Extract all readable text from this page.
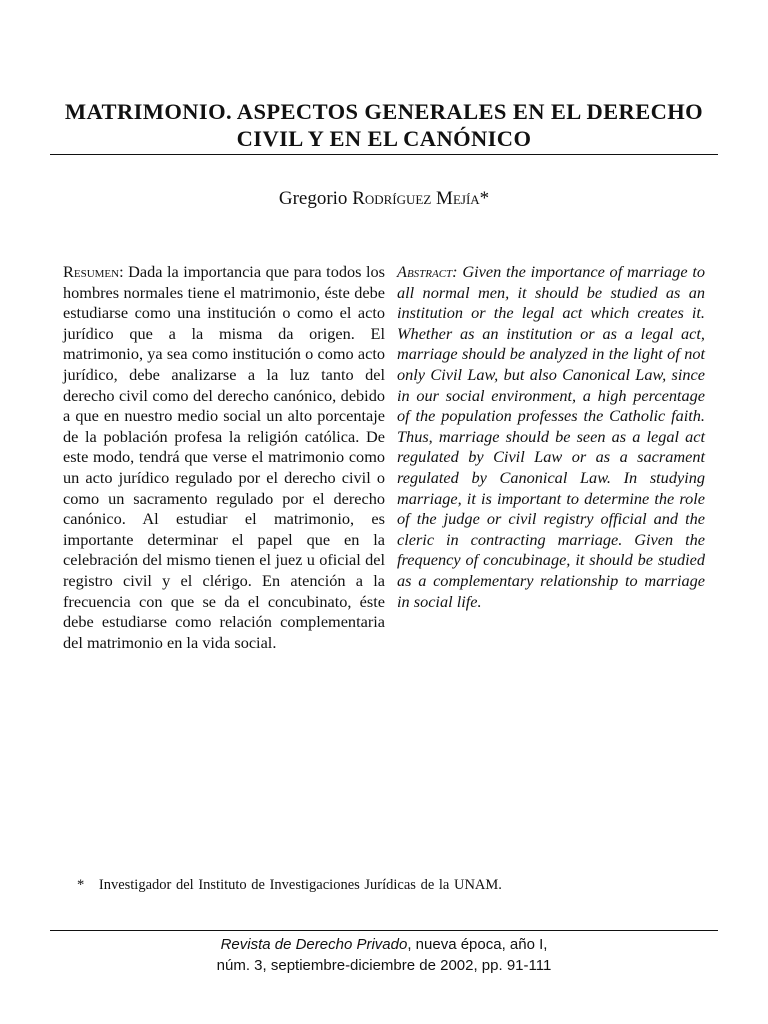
MATRIMONIO. ASPECTOS GENERALES EN EL DERECHO
CIVIL Y EN EL CANÓNICO

Gregorio Rodríguez Mejía*

Resumen: Dada la importancia que para todos los hombres normales tiene el matrimonio, éste debe estudiarse como una institución o como el acto jurídico que a la misma da origen. El matrimonio, ya sea como institución o como acto jurídico, debe analizarse a la luz tanto del derecho civil como del derecho canónico, debido a que en nuestro medio social un alto porcentaje de la población profesa la religión católica. De este modo, tendrá que verse el matrimonio como un acto jurídico regulado por el derecho civil o como un sacramento regulado por el derecho canónico. Al estudiar el matrimonio, es importante determinar el papel que en la celebración del mismo tienen el juez u oficial del registro civil y el clérigo. En atención a la frecuencia con que se da el concubinato, éste debe estudiarse como relación complementaria del matrimonio en la vida social.

Abstract: Given the importance of marriage to all normal men, it should be studied as an institution or the legal act which creates it. Whether as an institution or as a legal act, marriage should be analyzed in the light of not only Civil Law, but also Canonical Law, since in our social environment, a high percentage of the population professes the Catholic faith. Thus, marriage should be seen as a legal act regulated by Civil Law or as a sacrament regulated by Canonical Law. In studying marriage, it is important to determine the role of the judge or civil registry official and the cleric in contracting marriage. Given the frequency of concubinage, it should be studied as a complementary relationship to marriage in social life.

* Investigador del Instituto de Investigaciones Jurídicas de la UNAM.

Revista de Derecho Privado, nueva época, año I,
núm. 3, septiembre-diciembre de 2002, pp. 91-111
